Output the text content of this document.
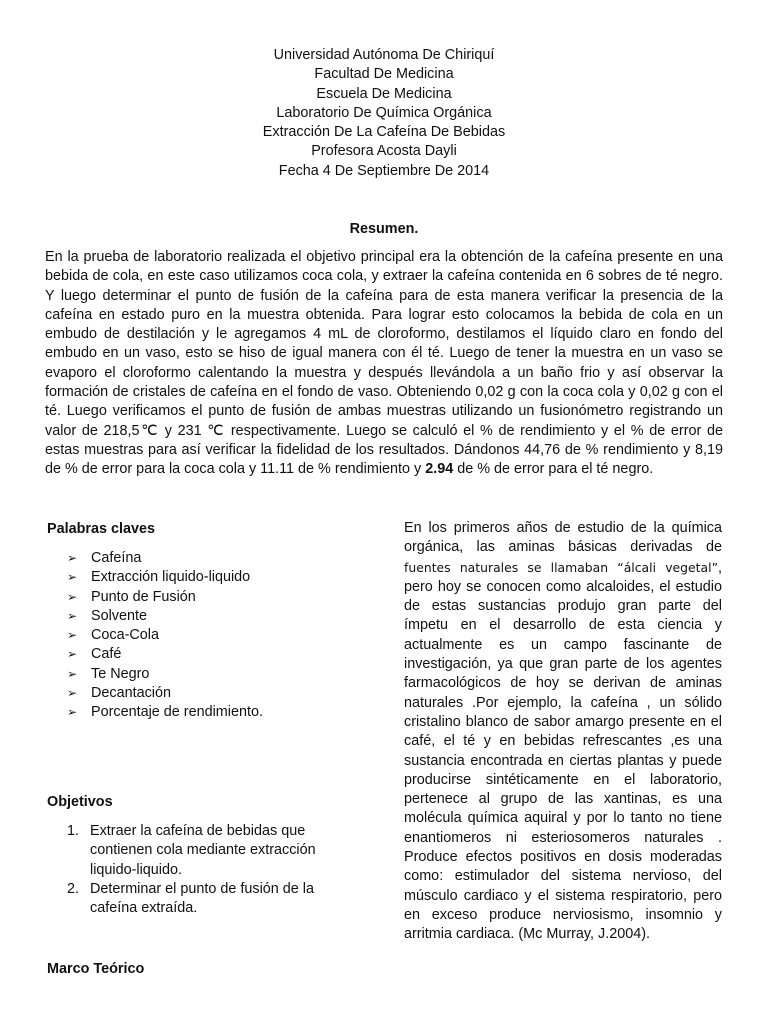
Universidad Autónoma De Chiriquí
Facultad De Medicina
Escuela De Medicina
Laboratorio De Química Orgánica
Extracción De La Cafeína De Bebidas
Profesora Acosta Dayli
Fecha 4 De Septiembre De 2014
Resumen.
En la prueba de laboratorio realizada el objetivo principal era la obtención de la cafeína presente en una bebida de cola, en este caso utilizamos coca cola, y extraer la cafeína contenida en 6 sobres de té negro. Y luego determinar el punto de fusión de la cafeína para de esta manera verificar la presencia de la cafeína en estado puro en la muestra obtenida. Para lograr esto colocamos la bebida de cola en un embudo de destilación y le agregamos 4 mL de cloroformo, destilamos el líquido claro en fondo del embudo en un vaso, esto se hiso de igual manera con él té. Luego de tener la muestra en un vaso se evaporo el cloroformo calentando la muestra y después llevándola a un baño frio y así observar la formación de cristales de cafeína en el fondo de vaso. Obteniendo 0,02 g con la coca cola y 0,02 g con el té. Luego verificamos el punto de fusión de ambas muestras utilizando un fusionómetro registrando un valor de 218,5℃ y 231 ℃ respectivamente. Luego se calculó el % de rendimiento y el % de error de estas muestras para así verificar la fidelidad de los resultados. Dándonos 44,76 de % rendimiento y 8,19 de % de error para la coca cola y 11.11 de % rendimiento y 2.94 de % de error para el té negro.
Palabras claves
➢ Cafeína
➢ Extracción liquido-liquido
➢ Punto de Fusión
➢ Solvente
➢ Coca-Cola
➢ Café
➢ Te Negro
➢ Decantación
➢ Porcentaje de rendimiento.
Objetivos
1. Extraer la cafeína de bebidas que contienen cola mediante extracción liquido-liquido.
2. Determinar el punto de fusión de la cafeína extraída.
Marco Teórico
En los primeros años de estudio de la química orgánica, las aminas básicas derivadas de fuentes naturales se llamaban “álcali vegetal”, pero hoy se conocen como alcaloides, el estudio de estas sustancias produjo gran parte del ímpetu en el desarrollo de esta ciencia y actualmente es un campo fascinante de investigación, ya que gran parte de los agentes farmacológicos de hoy se derivan de aminas naturales .Por ejemplo, la cafeína , un sólido cristalino blanco de sabor amargo presente en el café, el té y en bebidas refrescantes ,es una sustancia encontrada en ciertas plantas y puede producirse sintéticamente en el laboratorio, pertenece al grupo de las xantinas, es una molécula química aquiral y por lo tanto no tiene enantiomeros ni esteriosomeros naturales . Produce efectos positivos en dosis moderadas como: estimulador del sistema nervioso, del músculo cardiaco y el sistema respiratorio, pero en exceso produce nerviosismo, insomnio y arritmia cardiaca. (Mc Murray, J.2004).
